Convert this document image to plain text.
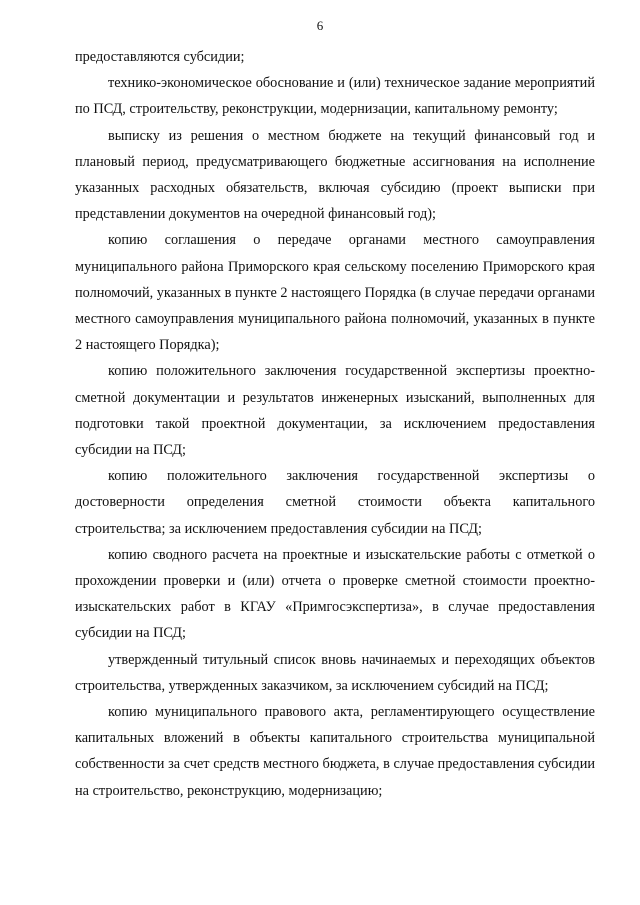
6

предоставляются субсидии;

технико-экономическое обоснование и (или) техническое задание мероприятий по ПСД, строительству, реконструкции, модернизации, капитальному ремонту;

выписку из решения о местном бюджете на текущий финансовый год и плановый период, предусматривающего бюджетные ассигнования на исполнение указанных расходных обязательств, включая субсидию (проект выписки при представлении документов на очередной финансовый год);

копию соглашения о передаче органами местного самоуправления муниципального района Приморского края сельскому поселению Приморского края полномочий, указанных в пункте 2 настоящего Порядка (в случае передачи органами местного самоуправления муниципального района полномочий, указанных в пункте 2 настоящего Порядка);

копию положительного заключения государственной экспертизы проектно-сметной документации и результатов инженерных изысканий, выполненных для подготовки такой проектной документации, за исключением предоставления субсидии на ПСД;

копию положительного заключения государственной экспертизы о достоверности определения сметной стоимости объекта капитального строительства; за исключением предоставления субсидии на ПСД;

копию сводного расчета на проектные и изыскательские работы с отметкой о прохождении проверки и (или) отчета о проверке сметной стоимости проектно-изыскательских работ в КГАУ «Примгосэкспертиза», в случае предоставления субсидии на ПСД;

утвержденный титульный список вновь начинаемых и переходящих объектов строительства, утвержденных заказчиком, за исключением субсидий на ПСД;

копию муниципального правового акта, регламентирующего осуществление капитальных вложений в объекты капитального строительства муниципальной собственности за счет средств местного бюджета, в случае предоставления субсидии на строительство, реконструкцию, модернизацию;
